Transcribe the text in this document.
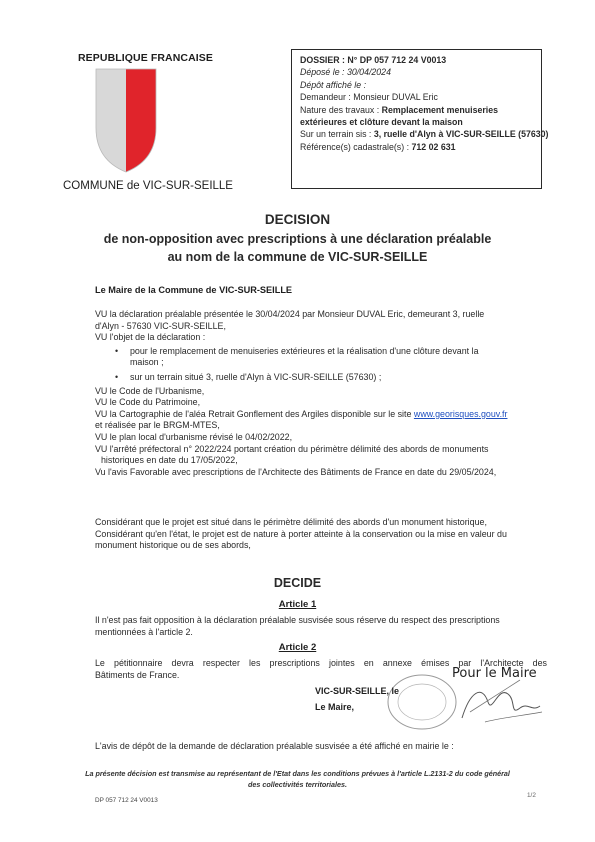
REPUBLIQUE FRANCAISE
COMMUNE de VIC-SUR-SEILLE
DOSSIER : N° DP 057 712 24 V0013
Déposé le : 30/04/2024
Dépôt affiché le :
Demandeur : Monsieur DUVAL Eric
Nature des travaux : Remplacement menuiseries
extérieures et clôture devant la maison
Sur un terrain sis : 3, ruelle d'Alyn à VIC-SUR-SEILLE (57630)
Référence(s) cadastrale(s) : 712 02 631
DECISION
de non-opposition avec prescriptions à une déclaration préalable
au nom de la commune de VIC-SUR-SEILLE
Le Maire de la Commune de VIC-SUR-SEILLE
VU la déclaration préalable présentée le 30/04/2024 par Monsieur DUVAL Eric, demeurant 3, ruelle
d'Alyn - 57630 VIC-SUR-SEILLE,
VU l'objet de la déclaration :
• pour le remplacement de menuiseries extérieures et la réalisation d'une clôture devant la
maison ;
• sur un terrain situé 3, ruelle d'Alyn à VIC-SUR-SEILLE (57630) ;
VU le Code de l'Urbanisme,
VU le Code du Patrimoine,
VU la Cartographie de l'aléa Retrait Gonflement des Argiles disponible sur le site www.georisques.gouv.fr
et réalisée par le BRGM-MTES,
VU le plan local d'urbanisme révisé le 04/02/2022,
VU l'arrêté préfectoral n° 2022/224 portant création du périmètre délimité des abords de monuments
historiques en date du 17/05/2022,
Vu l'avis Favorable avec prescriptions de l'Architecte des Bâtiments de France en date du 29/05/2024,
Considérant que le projet est situé dans le périmètre délimité des abords d'un monument historique,
Considérant qu'en l'état, le projet est de nature à porter atteinte à la conservation ou la mise en valeur du
monument historique ou de ses abords,
DECIDE
Article 1
Il n'est pas fait opposition à la déclaration préalable susvisée sous réserve du respect des prescriptions
mentionnées à l'article 2.
Article 2
Le pétitionnaire devra respecter les prescriptions jointes en annexe émises par l'Architecte des
Bâtiments de France.	Pour le Maire
VIC-SUR-SEILLE, le
Le Maire,
L'avis de dépôt de la demande de déclaration préalable susvisée a été affiché en mairie le :
La présente décision est transmise au représentant de l'Etat dans les conditions prévues à l'article L.2131-2 du code général
des collectivités territoriales.
DP 057 712 24 V0013
1/2
